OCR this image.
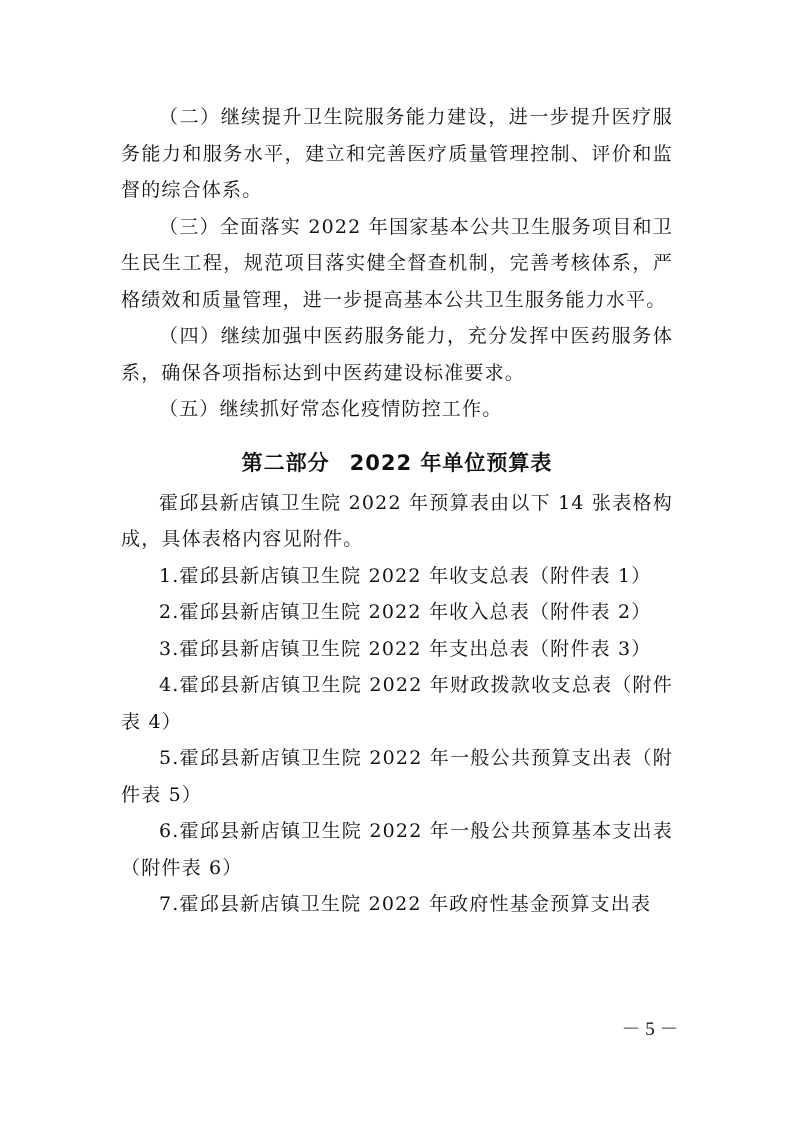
（二）继续提升卫生院服务能力建设，进一步提升医疗服务能力和服务水平，建立和完善医疗质量管理控制、评价和监督的综合体系。

（三）全面落实 2022 年国家基本公共卫生服务项目和卫生民生工程，规范项目落实健全督查机制，完善考核体系，严格绩效和质量管理，进一步提高基本公共卫生服务能力水平。

（四）继续加强中医药服务能力，充分发挥中医药服务体系，确保各项指标达到中医药建设标准要求。

（五）继续抓好常态化疫情防控工作。

第二部分 2022 年单位预算表

霍邱县新店镇卫生院 2022 年预算表由以下 14 张表格构成，具体表格内容见附件。

1.霍邱县新店镇卫生院 2022 年收支总表（附件表 1）

2.霍邱县新店镇卫生院 2022 年收入总表（附件表 2）

3.霍邱县新店镇卫生院 2022 年支出总表（附件表 3）

4.霍邱县新店镇卫生院 2022 年财政拨款收支总表（附件表 4）

5.霍邱县新店镇卫生院 2022 年一般公共预算支出表（附件表 5）

6.霍邱县新店镇卫生院 2022 年一般公共预算基本支出表（附件表 6）

7.霍邱县新店镇卫生院 2022 年政府性基金预算支出表

－ 5 －
